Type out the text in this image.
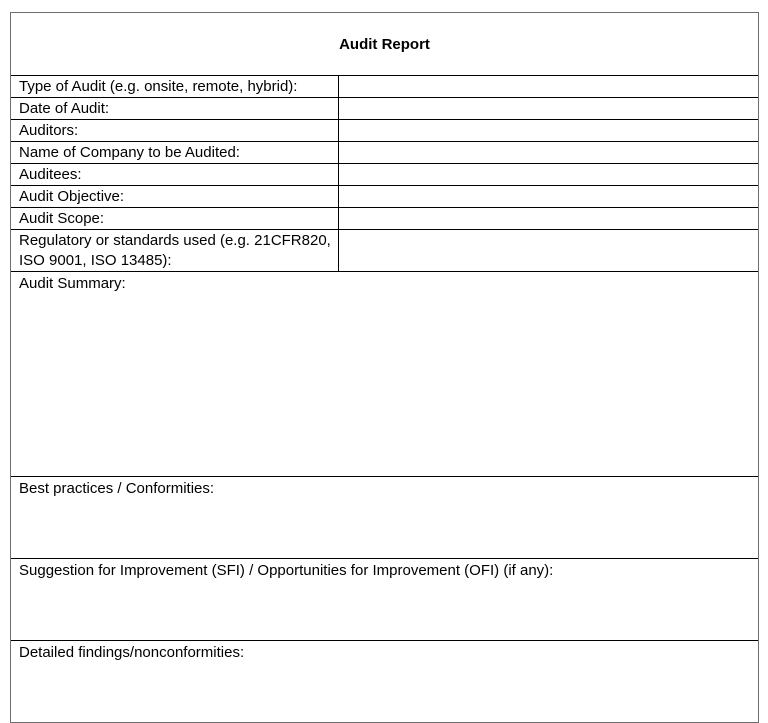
Audit Report
Type of Audit (e.g. onsite, remote, hybrid):
Date of Audit:
Auditors:
Name of Company to be Audited:
Auditees:
Audit Objective:
Audit Scope:
Regulatory or standards used (e.g. 21CFR820, ISO 9001, ISO 13485):
Audit Summary:
Best practices / Conformities:
Suggestion for Improvement (SFI) / Opportunities for Improvement (OFI) (if any):
Detailed findings/nonconformities:
